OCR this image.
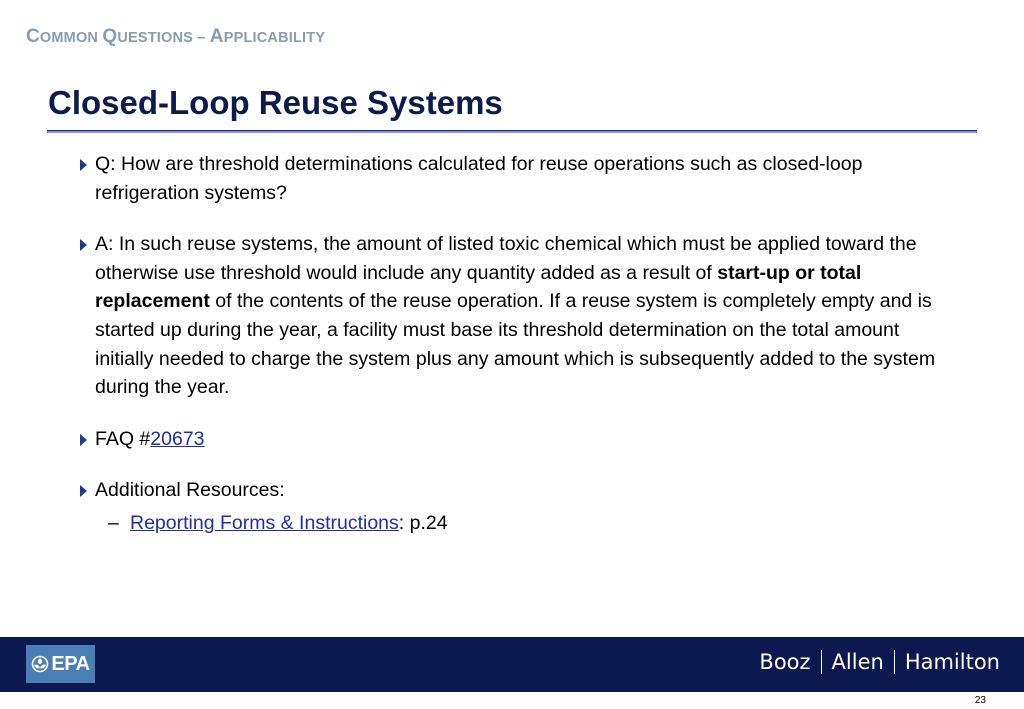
COMMON QUESTIONS – APPLICABILITY
Closed-Loop Reuse Systems
Q: How are threshold determinations calculated for reuse operations such as closed-loop refrigeration systems?
A: In such reuse systems, the amount of listed toxic chemical which must be applied toward the otherwise use threshold would include any quantity added as a result of start-up or total replacement of the contents of the reuse operation. If a reuse system is completely empty and is started up during the year, a facility must base its threshold determination on the total amount initially needed to charge the system plus any amount which is subsequently added to the system during the year.
FAQ #20673
Additional Resources:
– Reporting Forms & Instructions: p.24
EPA	Booz Allen Hamilton
23
